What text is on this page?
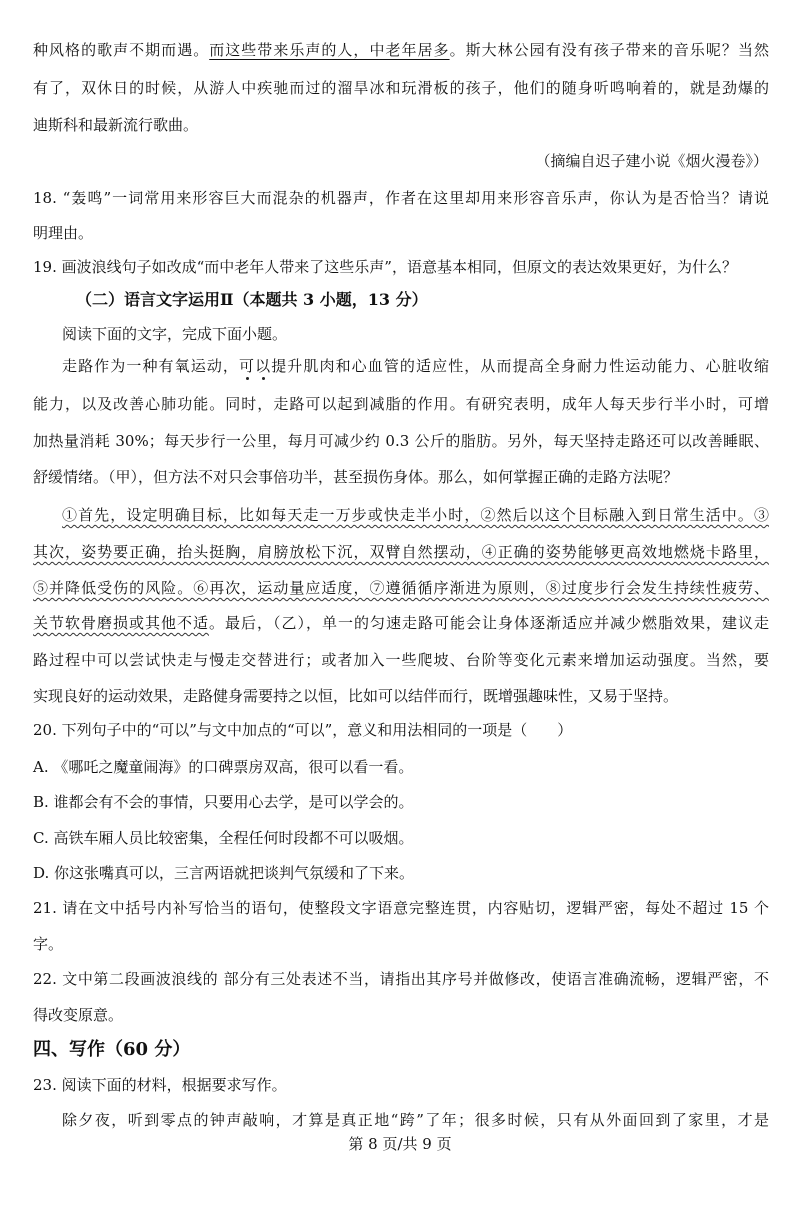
种风格的歌声不期而遇。而这些带来乐声的人，中老年居多。斯大林公园有没有孩子带来的音乐呢？当然
有了，双休日的时候，从游人中疾驰而过的溜旱冰和玩滑板的孩子，他们的随身听鸣响着的，就是劲爆的
迪斯科和最新流行歌曲。
（摘编自迟子建小说《烟火漫卷》）
18. “轰鸣”一词常用来形容巨大而混杂的机器声，作者在这里却用来形容音乐声，你认为是否恰当？请说
明理由。
19. 画波浪线句子如改成“而中老年人带来了这些乐声”，语意基本相同，但原文的表达效果更好，为什么？
（二）语言文字运用Ⅱ（本题共 3 小题，13 分）
阅读下面的文字，完成下面小题。
走路作为一种有氧运动，可以提升肌肉和心血管的适应性，从而提高全身耐力性运动能力、心脏收缩
能力，以及改善心肺功能。同时，走路可以起到减脂的作用。有研究表明，成年人每天步行半小时，可增
加热量消耗 30%；每天步行一公里，每月可减少约 0.3 公斤的脂肪。另外，每天坚持走路还可以改善睡眠、
舒缓情绪。（甲），但方法不对只会事倍功半，甚至损伤身体。那么，如何掌握正确的走路方法呢？
①首先，设定明确目标，比如每天走一万步或快走半小时，②然后以这个目标融入到日常生活中。③
其次，姿势要正确，抬头挺胸，肩膀放松下沉，双臂自然摆动，④正确的姿势能够更高效地燃烧卡路里，
⑤并降低受伤的风险。⑥再次，运动量应适度，⑦遵循循序渐进为原则，⑧过度步行会发生持续性疲劳、
关节软骨磨损或其他不适。最后，（乙），单一的匀速走路可能会让身体逐渐适应并减少燃脂效果，建议走
路过程中可以尝试快走与慢走交替进行；或者加入一些爬坡、台阶等变化元素来增加运动强度。当然，要
实现良好的运动效果，走路健身需要持之以恒，比如可以结伴而行，既增强趣味性，又易于坚持。
20. 下列句子中的“可以”与文中加点的“可以”，意义和用法相同的一项是（　　）
A. 《哪吒之魔童闹海》的口碑票房双高，很可以看一看。
B. 谁都会有不会的事情，只要用心去学，是可以学会的。
C. 高铁车厢人员比较密集，全程任何时段都不可以吸烟。
D. 你这张嘴真可以，三言两语就把谈判气氛缓和了下来。
21. 请在文中括号内补写恰当的语句，使整段文字语意完整连贯，内容贴切，逻辑严密，每处不超过 15 个
字。
22. 文中第二段画波浪线的 部分有三处表述不当，请指出其序号并做修改，使语言准确流畅，逻辑严密，不
得改变原意。
四、写作（60 分）
23. 阅读下面的材料，根据要求写作。
除夕夜，听到零点的钟声敲响，才算是真正地“跨”了年；很多时候，只有从外面回到了家里，才是
第 8 页/共 9 页
